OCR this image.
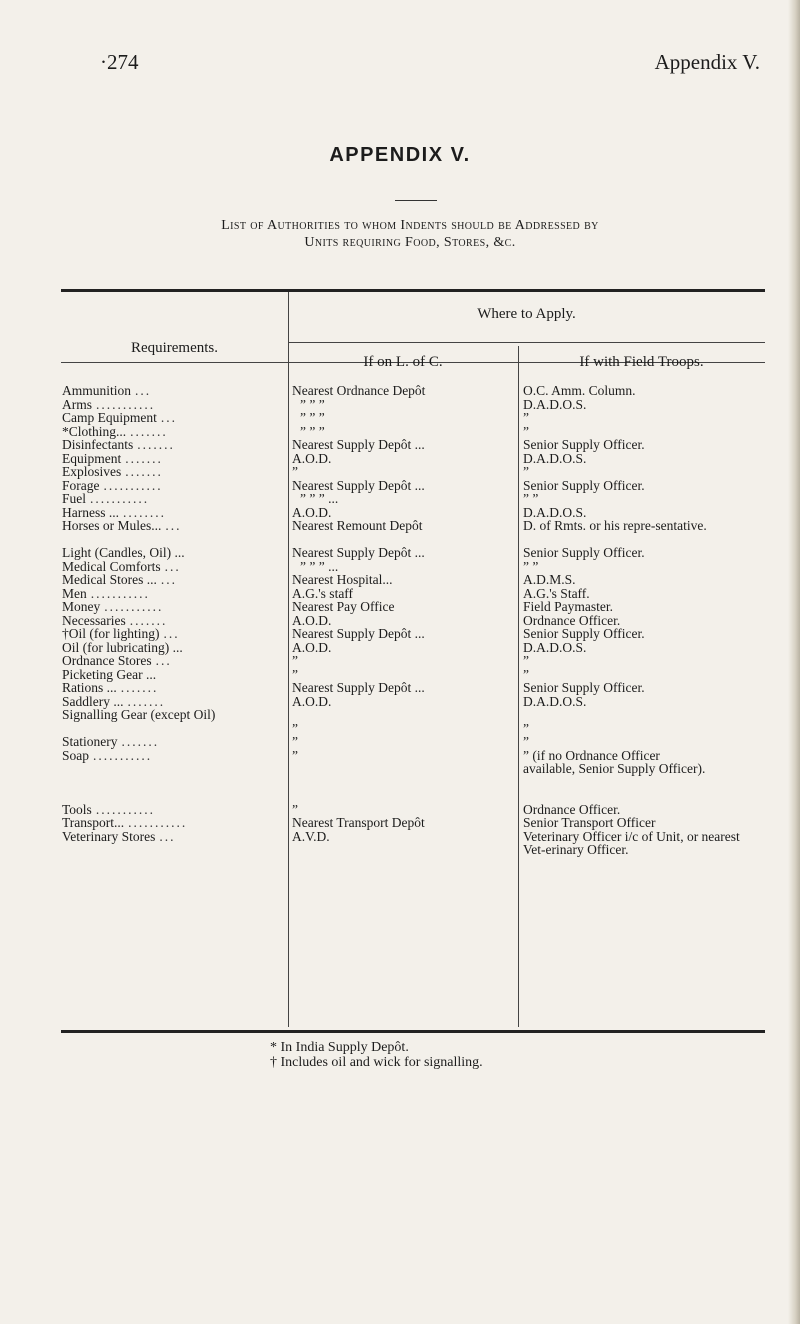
·274	Appendix V.
APPENDIX V.
List of Authorities to whom Indents should be Addressed by
Units requiring Food, Stores, &c.
Requirements.
Where to Apply.
If on L. of C.	If with Field Troops.
Ammunition ...
Arms ...........
Camp Equipment ...
*Clothing... .......
Disinfectants .......
Equipment .......
Explosives .......
Forage ...........
Fuel ...........
Harness ... ........
Horses or Mules... ...
Light (Candles, Oil) ...
Medical Comforts ...
Medical Stores ... ...
Men ...........
Money ...........
Necessaries .......
†Oil (for lighting) ...
Oil (for lubricating) ...
Ordnance Stores ...
Picketing Gear ...
Rations ... .......
Saddlery ... .......
Signalling Gear (except Oil)
Stationery .......
Soap ...........
Tools ...........
Transport... ...........
Veterinary Stores ...
Nearest Ordnance Depôt
” ” ”
” ” ”
” ” ”
Nearest Supply Depôt ...
A.O.D.
”
Nearest Supply Depôt ...
” ” ” ...
A.O.D.
Nearest Remount Depôt
Nearest Supply Depôt ...
” ” ” ...
Nearest Hospital...
A.G.'s staff
Nearest Pay Office
A.O.D.
Nearest Supply Depôt ...
A.O.D.
”
”
Nearest Supply Depôt ...
A.O.D.
”
”
”
”
Nearest Transport Depôt
A.V.D.
O.C. Amm. Column.
D.A.D.O.S.
”
”
Senior Supply Officer.
D.A.D.O.S.
”
Senior Supply Officer.
” ”
D.A.D.O.S.
D. of Rmts. or his repre-sentative.
Senior Supply Officer.
” ”
A.D.M.S.
A.G.'s Staff.
Field Paymaster.
Ordnance Officer.
Senior Supply Officer.
D.A.D.O.S.
”
”
Senior Supply Officer.
D.A.D.O.S.
”
”
” (if no Ordnance Officer available, Senior Supply Officer).
Ordnance Officer.
Senior Transport Officer
Veterinary Officer i/c of Unit, or nearest Vet-erinary Officer.
* In India Supply Depôt.
† Includes oil and wick for signalling.
